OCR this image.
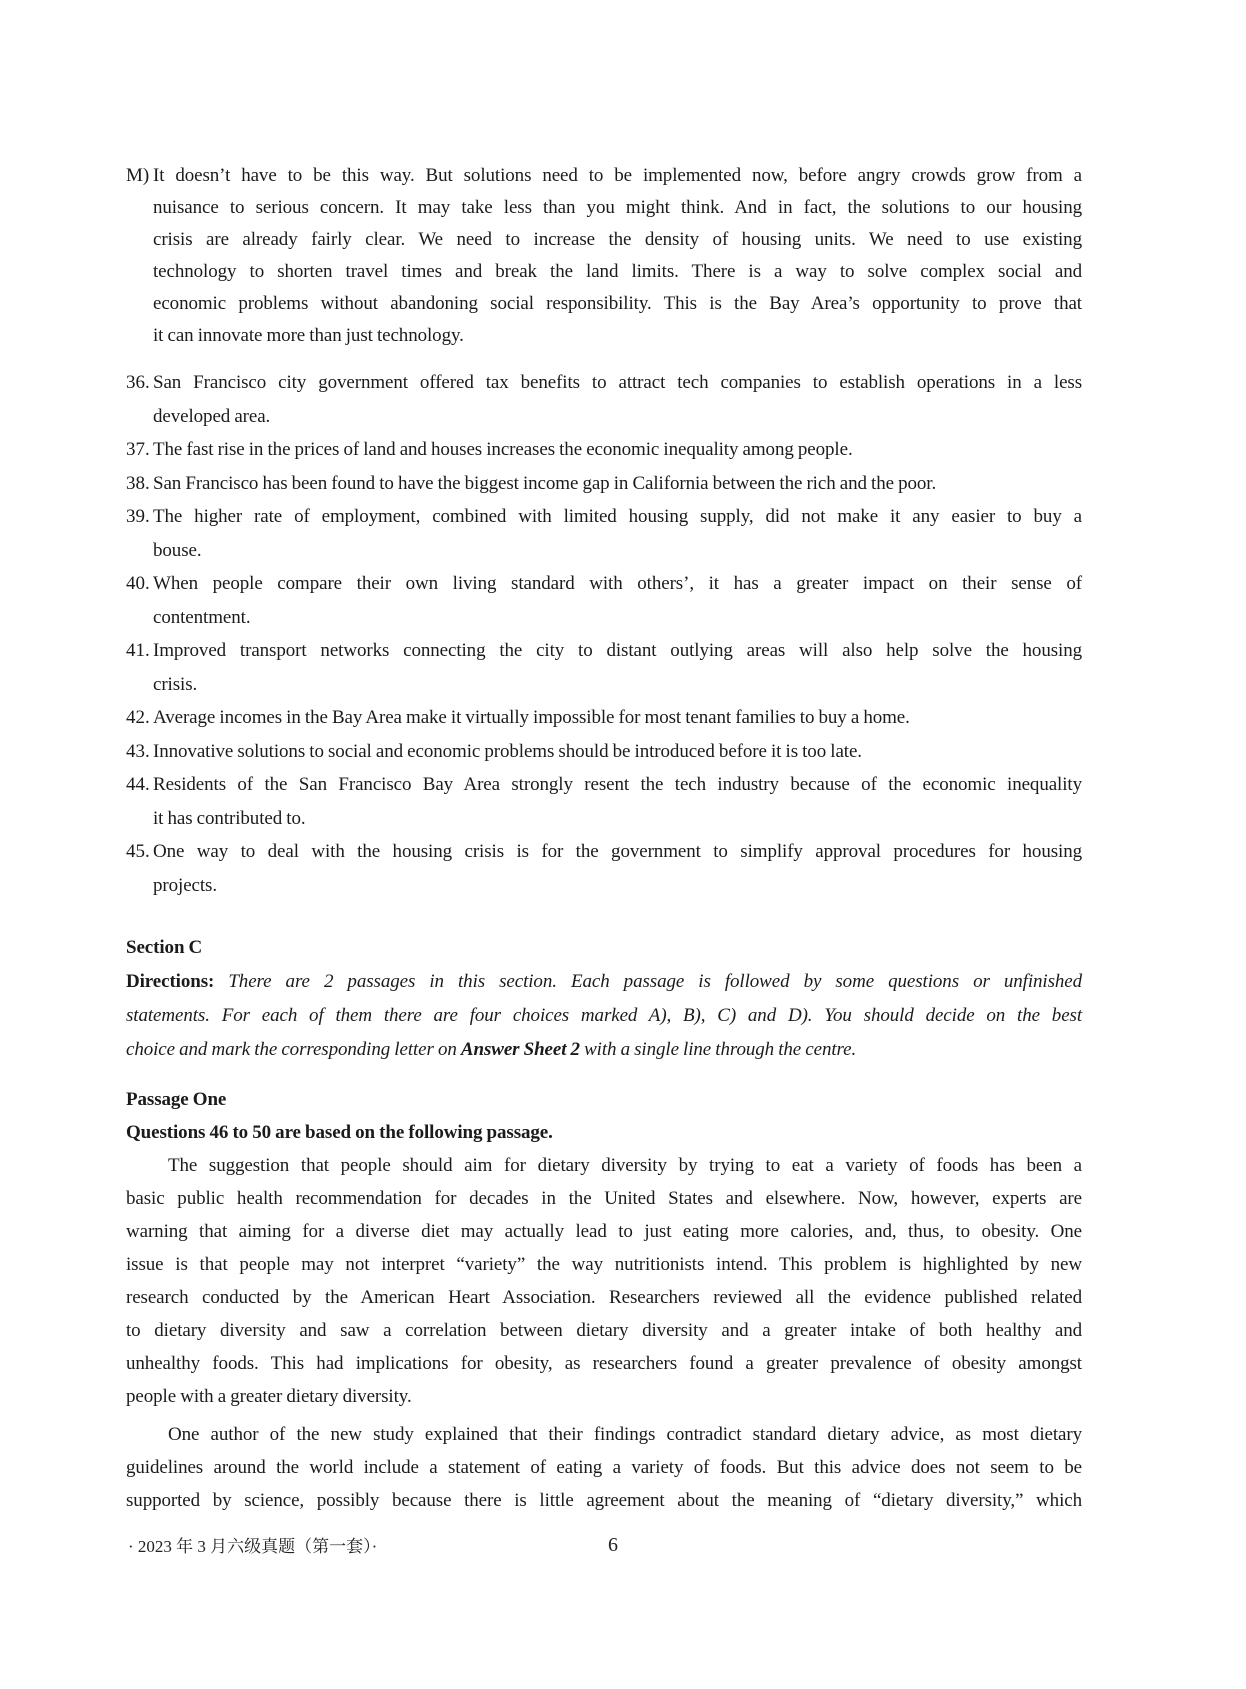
M) It doesn’t have to be this way. But solutions need to be implemented now, before angry crowds grow from a
nuisance to serious concern. It may take less than you might think. And in fact, the solutions to our housing
crisis are already fairly clear. We need to increase the density of housing units. We need to use existing
technology to shorten travel times and break the land limits. There is a way to solve complex social and
economic problems without abandoning social responsibility. This is the Bay Area’s opportunity to prove that
it can innovate more than just technology.
36. San Francisco city government offered tax benefits to attract tech companies to establish operations in a less
developed area.
37. The fast rise in the prices of land and houses increases the economic inequality among people.
38. San Francisco has been found to have the biggest income gap in California between the rich and the poor.
39. The higher rate of employment, combined with limited housing supply, did not make it any easier to buy a
bouse.
40. When people compare their own living standard with others’, it has a greater impact on their sense of
contentment.
41. Improved transport networks connecting the city to distant outlying areas will also help solve the housing
crisis.
42. Average incomes in the Bay Area make it virtually impossible for most tenant families to buy a home.
43. Innovative solutions to social and economic problems should be introduced before it is too late.
44. Residents of the San Francisco Bay Area strongly resent the tech industry because of the economic inequality
it has contributed to.
45. One way to deal with the housing crisis is for the government to simplify approval procedures for housing
projects.
Section C
Directions: There are 2 passages in this section. Each passage is followed by some questions or unfinished
statements. For each of them there are four choices marked A), B), C) and D). You should decide on the best
choice and mark the corresponding letter on Answer Sheet 2 with a single line through the centre.
Passage One
Questions 46 to 50 are based on the following passage.
The suggestion that people should aim for dietary diversity by trying to eat a variety of foods has been a
basic public health recommendation for decades in the United States and elsewhere. Now, however, experts are
warning that aiming for a diverse diet may actually lead to just eating more calories, and, thus, to obesity. One
issue is that people may not interpret “variety” the way nutritionists intend. This problem is highlighted by new
research conducted by the American Heart Association. Researchers reviewed all the evidence published related
to dietary diversity and saw a correlation between dietary diversity and a greater intake of both healthy and
unhealthy foods. This had implications for obesity, as researchers found a greater prevalence of obesity amongst
people with a greater dietary diversity.
One author of the new study explained that their findings contradict standard dietary advice, as most dietary
guidelines around the world include a statement of eating a variety of foods. But this advice does not seem to be
supported by science, possibly because there is little agreement about the meaning of “dietary diversity,” which
· 2023 年 3 月六级真题（第一套）·	6
